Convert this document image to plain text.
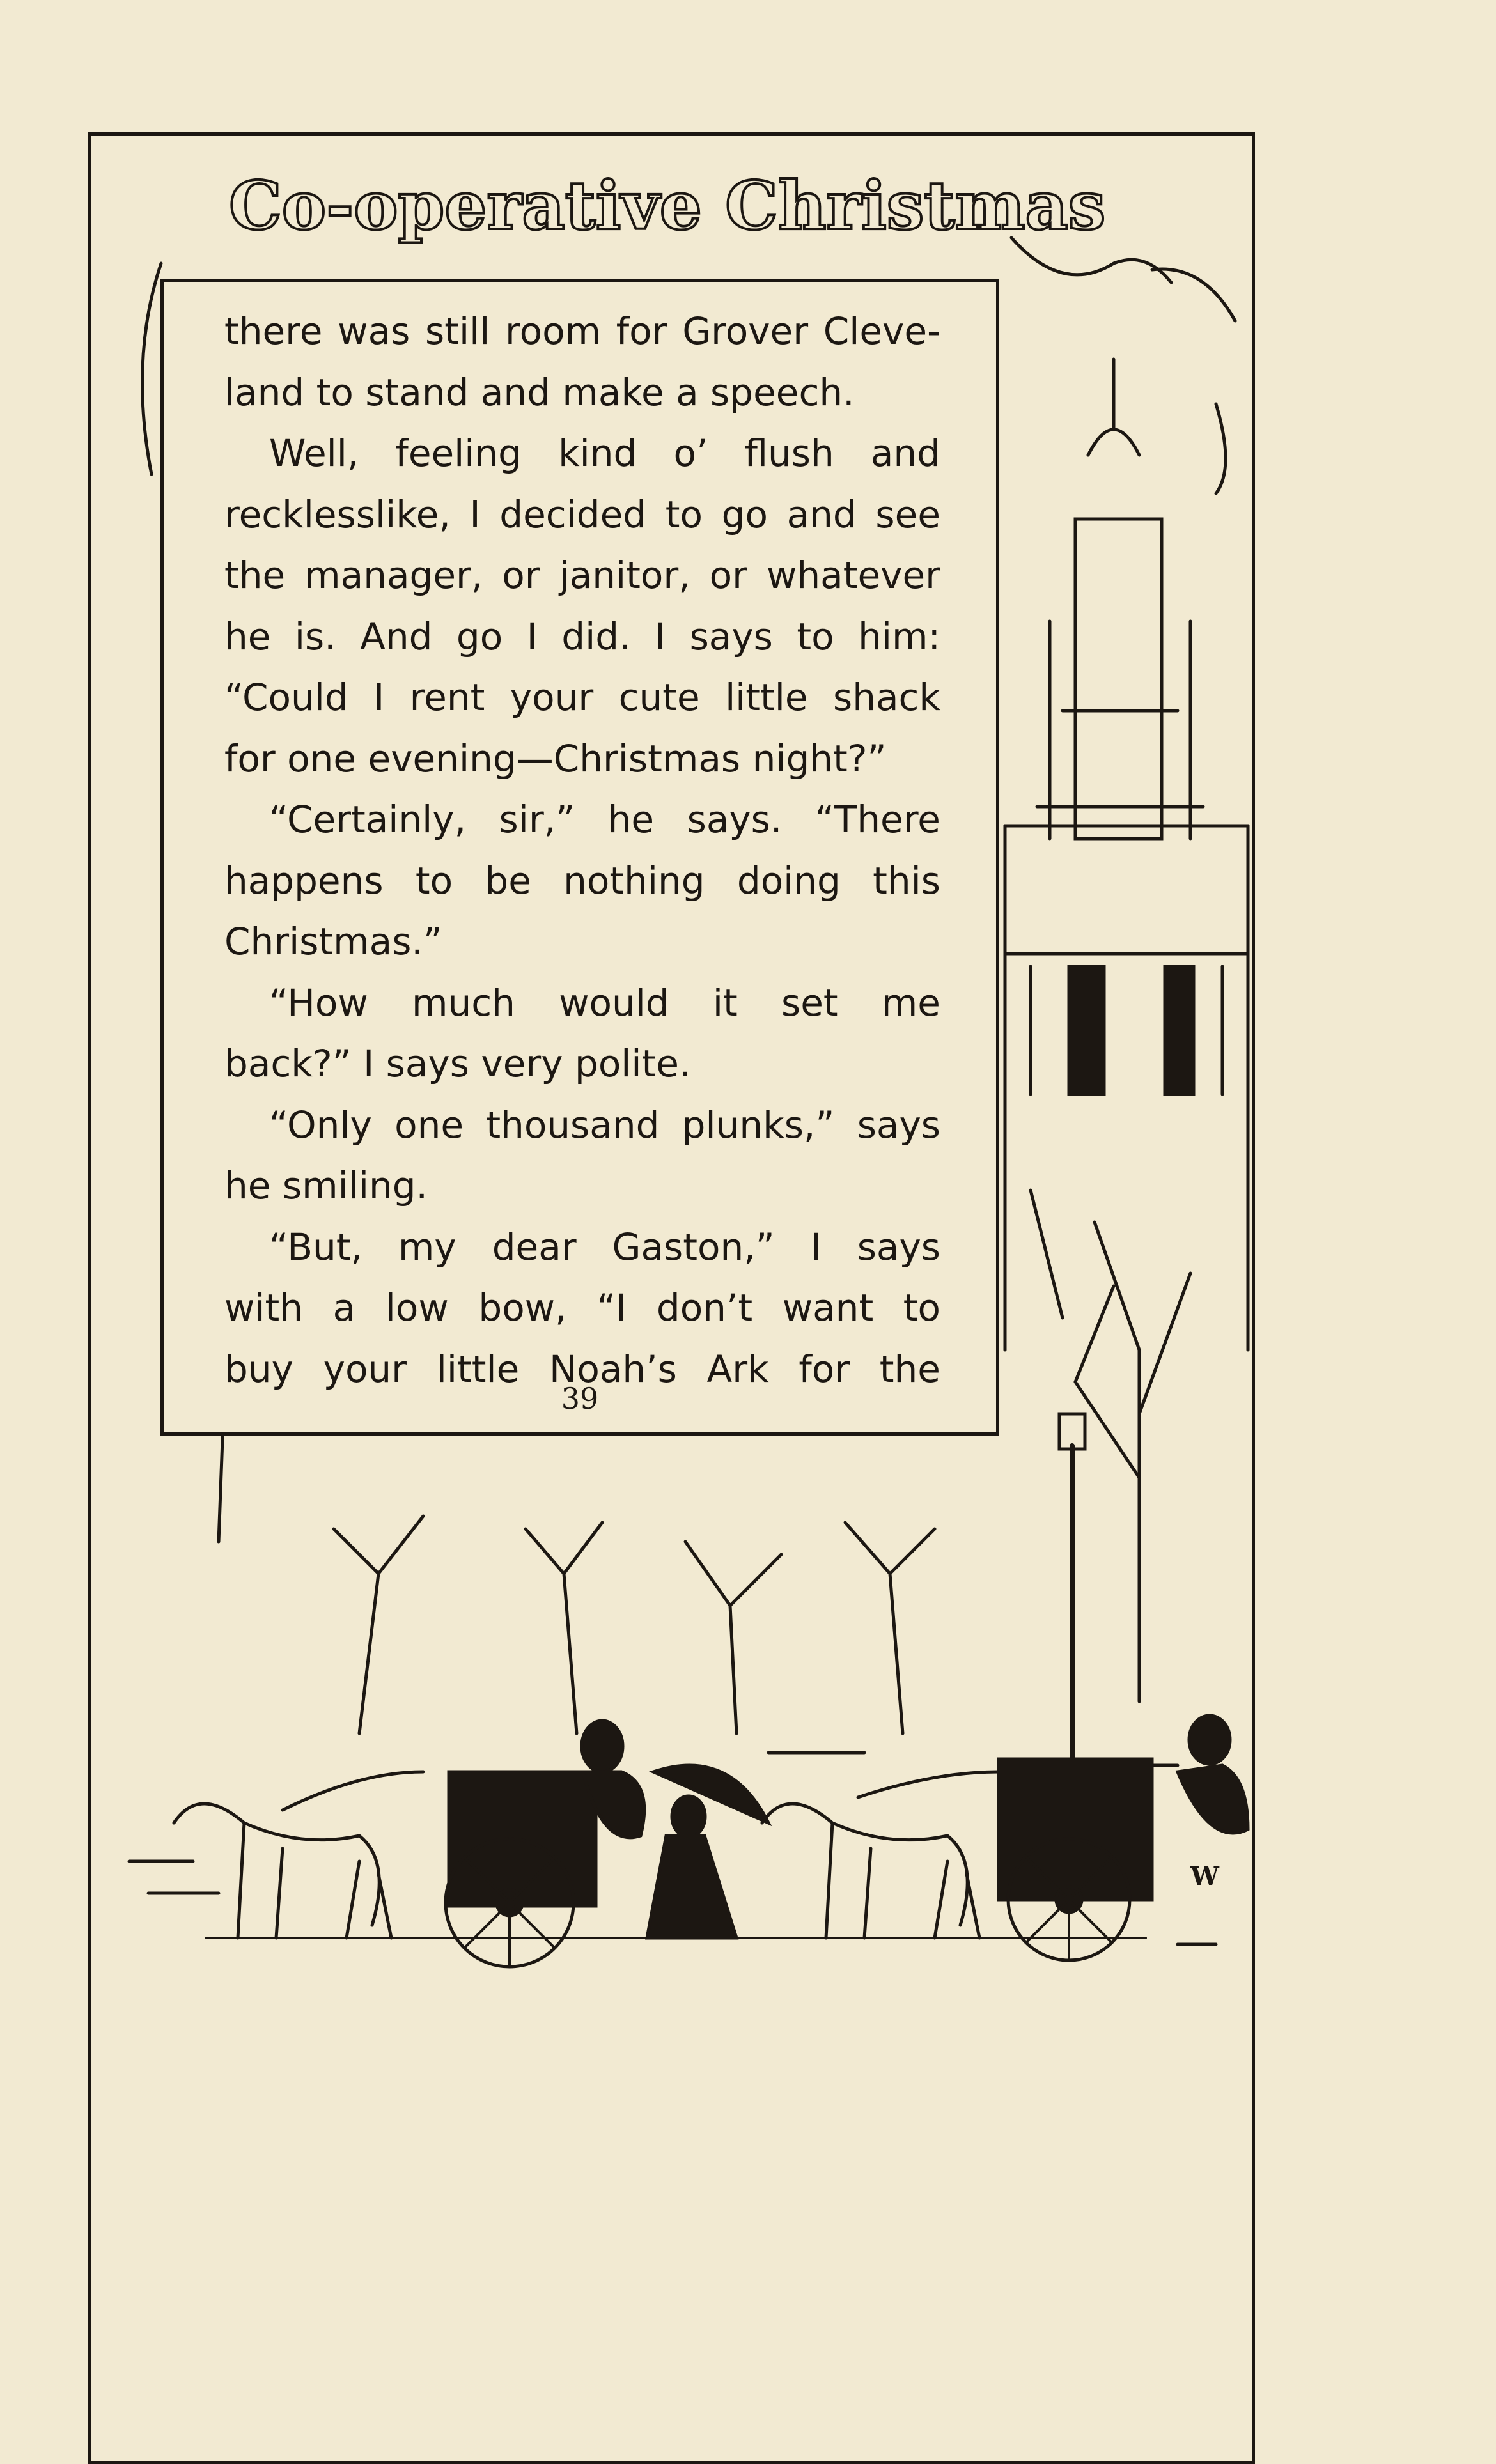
Co-operative Christmas
there was still room for Grover Cleve-
land to stand and make a speech.
Well, feeling kind o’ flush and
recklesslike, I decided to go and see
the manager, or janitor, or whatever
he is. And go I did. I says to him:
“Could I rent your cute little shack
for one evening—Christmas night?”
“Certainly, sir,” he says. “There
happens to be nothing doing this
Christmas.”
“How much would it set me
back?” I says very polite.
“Only one thousand plunks,” says
he smiling.
“But, my dear Gaston,” I says
with a low bow, “I don’t want to
buy your little Noah’s Ark for the
39
W
